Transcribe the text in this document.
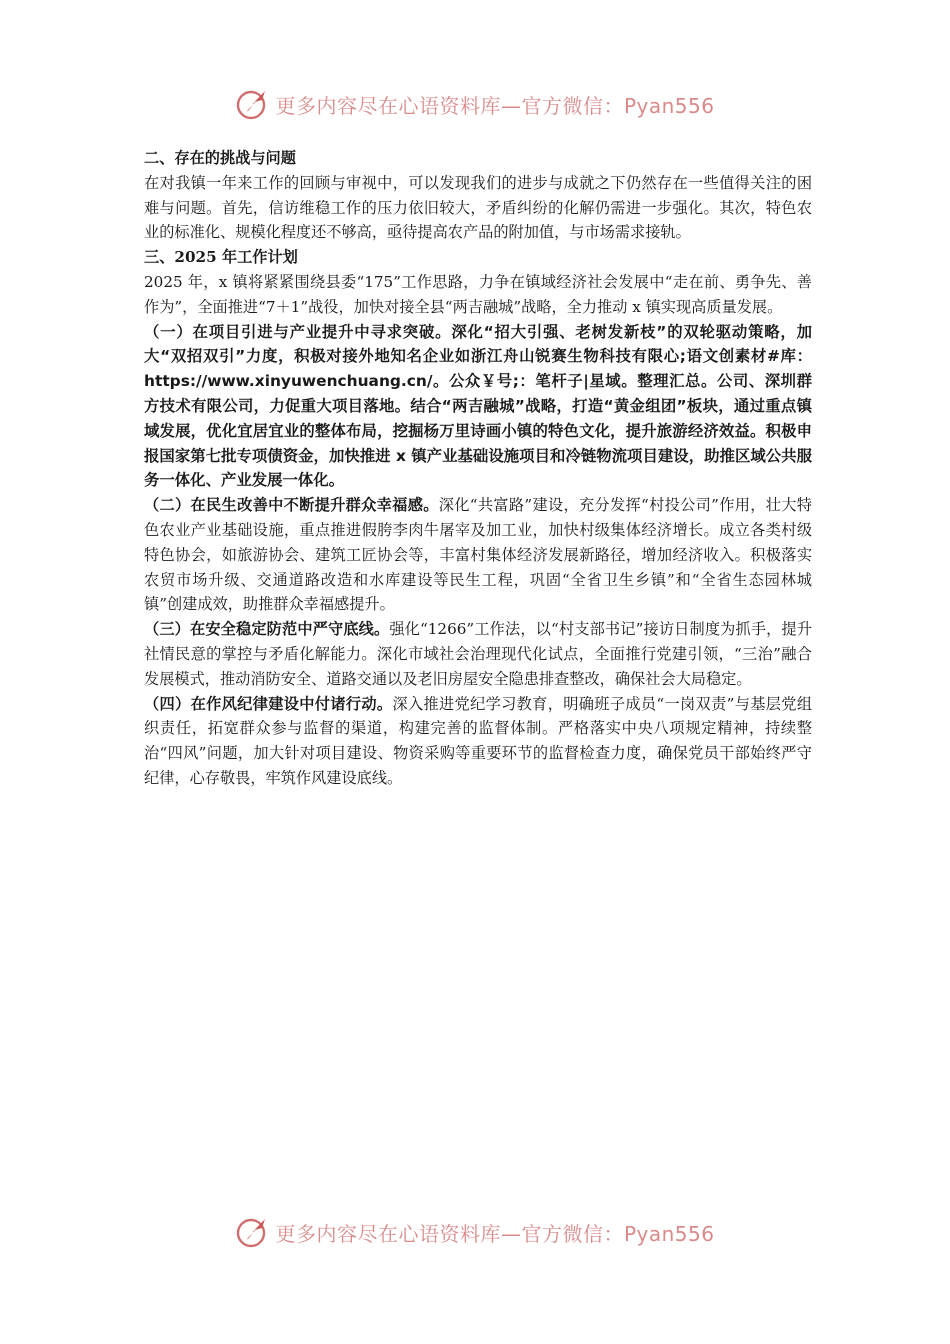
更多内容尽在心语资料库—官方微信：Pyan556

二、存在的挑战与问题

在对我镇一年来工作的回顾与审视中，可以发现我们的进步与成就之下仍然存在一些值得关注的困难与问题。首先，信访维稳工作的压力依旧较大，矛盾纠纷的化解仍需进一步强化。其次，特色农业的标准化、规模化程度还不够高，亟待提高农产品的附加值，与市场需求接轨。

三、2025 年工作计划

2025 年，x 镇将紧紧围绕县委“175”工作思路，力争在镇域经济社会发展中“走在前、勇争先、善作为”，全面推进“7＋1”战役，加快对接全县“两吉融城”战略，全力推动 x 镇实现高质量发展。

（一）在项目引进与产业提升中寻求突破。深化“招大引强、老树发新枝”的双轮驱动策略，加大“双招双引”力度，积极对接外地知名企业如浙江舟山锐赛生物科技有限心;语文创素材#库：https://www.xinyuwenchuang.cn/。公众￥号;：笔杆子|星域。整理汇总。公司、深圳群方技术有限公司，力促重大项目落地。结合“两吉融城”战略，打造“黄金组团”板块，通过重点镇域发展，优化宜居宜业的整体布局，挖掘杨万里诗画小镇的特色文化，提升旅游经济效益。积极申报国家第七批专项债资金，加快推进 x 镇产业基础设施项目和冷链物流项目建设，助推区域公共服务一体化、产业发展一体化。

（二）在民生改善中不断提升群众幸福感。深化“共富路”建设，充分发挥“村投公司”作用，壮大特色农业产业基础设施，重点推进假胯李肉牛屠宰及加工业，加快村级集体经济增长。成立各类村级特色协会，如旅游协会、建筑工匠协会等，丰富村集体经济发展新路径，增加经济收入。积极落实农贸市场升级、交通道路改造和水库建设等民生工程，巩固“全省卫生乡镇”和“全省生态园林城镇”创建成效，助推群众幸福感提升。

（三）在安全稳定防范中严守底线。强化“1266”工作法，以“村支部书记”接访日制度为抓手，提升社情民意的掌控与矛盾化解能力。深化市域社会治理现代化试点，全面推行党建引领，“三治”融合发展模式，推动消防安全、道路交通以及老旧房屋安全隐患排查整改，确保社会大局稳定。

（四）在作风纪律建设中付诸行动。深入推进党纪学习教育，明确班子成员“一岗双责”与基层党组织责任，拓宽群众参与监督的渠道，构建完善的监督体制。严格落实中央八项规定精神，持续整治“四风”问题，加大针对项目建设、物资采购等重要环节的监督检查力度，确保党员干部始终严守纪律，心存敬畏，牢筑作风建设底线。

更多内容尽在心语资料库—官方微信：Pyan556
